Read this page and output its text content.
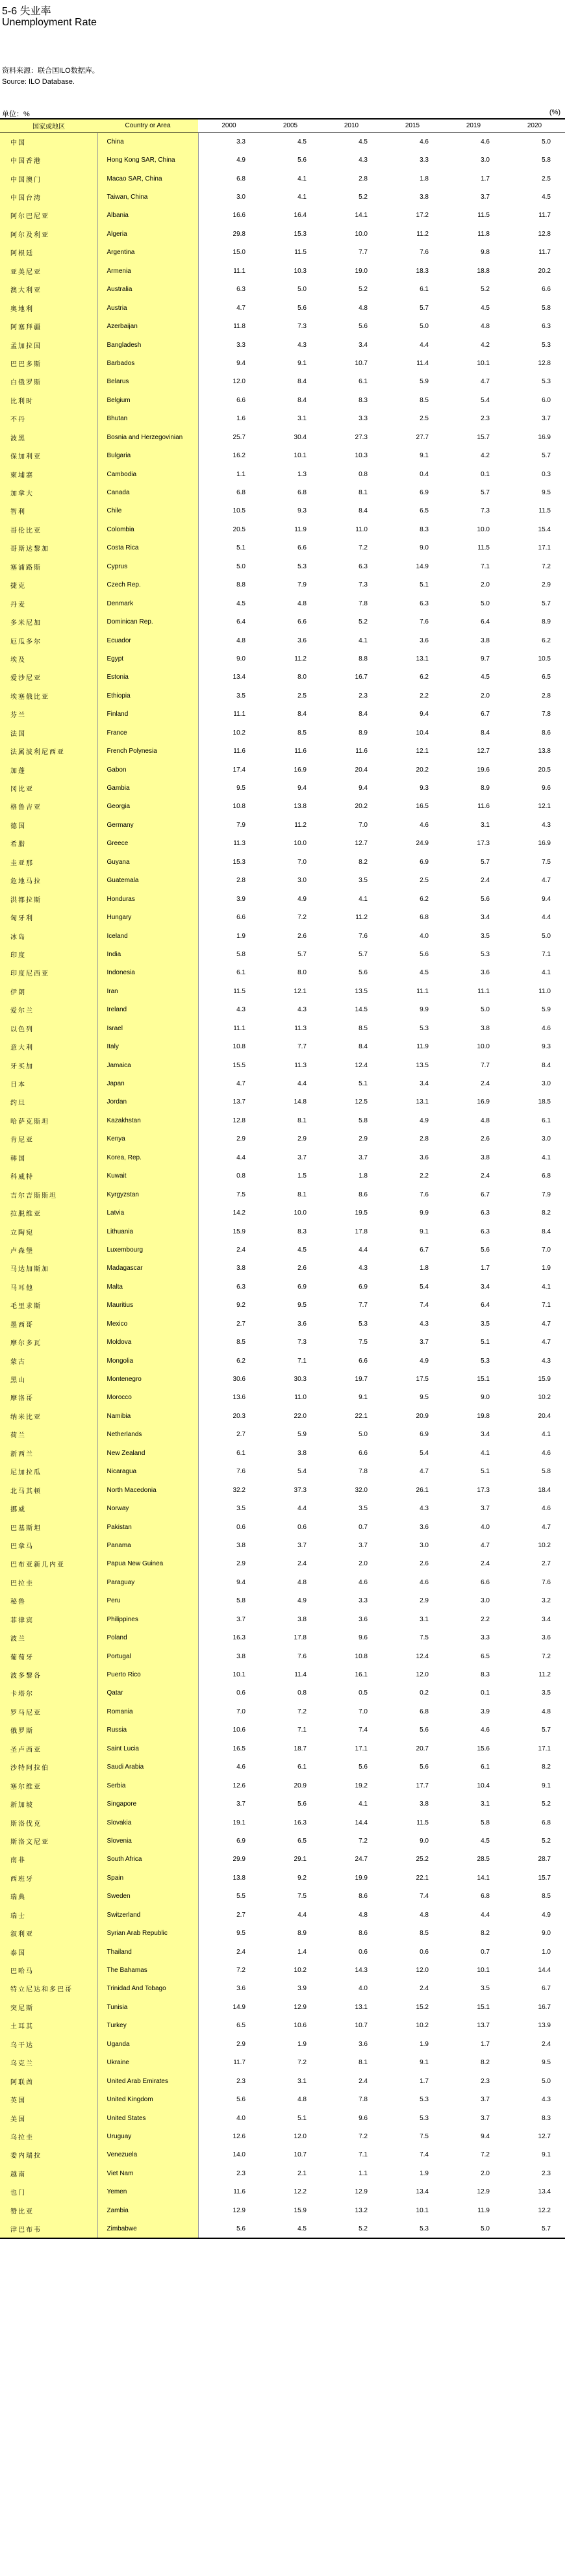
5-6 失业率
Unemployment Rate
资料来源：联合国ILO数据库。
Source: ILO Database.
单位：%	(%)
国家或地区	Country or Area	2000	2005	2010	2015	2019	2020
中国	China	3.3	4.5	4.5	4.6	4.6	5.0
中国香港	Hong Kong SAR, China	4.9	5.6	4.3	3.3	3.0	5.8
中国澳门	Macao SAR, China	6.8	4.1	2.8	1.8	1.7	2.5
中国台湾	Taiwan, China	3.0	4.1	5.2	3.8	3.7	4.5
阿尔巴尼亚	Albania	16.6	16.4	14.1	17.2	11.5	11.7
阿尔及利亚	Algeria	29.8	15.3	10.0	11.2	11.8	12.8
阿根廷	Argentina	15.0	11.5	7.7	7.6	9.8	11.7
亚美尼亚	Armenia	11.1	10.3	19.0	18.3	18.8	20.2
澳大利亚	Australia	6.3	5.0	5.2	6.1	5.2	6.6
奥地利	Austria	4.7	5.6	4.8	5.7	4.5	5.8
阿塞拜疆	Azerbaijan	11.8	7.3	5.6	5.0	4.8	6.3
孟加拉国	Bangladesh	3.3	4.3	3.4	4.4	4.2	5.3
巴巴多斯	Barbados	9.4	9.1	10.7	11.4	10.1	12.8
白俄罗斯	Belarus	12.0	8.4	6.1	5.9	4.7	5.3
比利时	Belgium	6.6	8.4	8.3	8.5	5.4	6.0
不丹	Bhutan	1.6	3.1	3.3	2.5	2.3	3.7
波黑	Bosnia and Herzegovinian	25.7	30.4	27.3	27.7	15.7	16.9
保加利亚	Bulgaria	16.2	10.1	10.3	9.1	4.2	5.7
柬埔寨	Cambodia	1.1	1.3	0.8	0.4	0.1	0.3
加拿大	Canada	6.8	6.8	8.1	6.9	5.7	9.5
智利	Chile	10.5	9.3	8.4	6.5	7.3	11.5
哥伦比亚	Colombia	20.5	11.9	11.0	8.3	10.0	15.4
哥斯达黎加	Costa Rica	5.1	6.6	7.2	9.0	11.5	17.1
塞浦路斯	Cyprus	5.0	5.3	6.3	14.9	7.1	7.2
捷克	Czech Rep.	8.8	7.9	7.3	5.1	2.0	2.9
丹麦	Denmark	4.5	4.8	7.8	6.3	5.0	5.7
多米尼加	Dominican Rep.	6.4	6.6	5.2	7.6	6.4	8.9
厄瓜多尔	Ecuador	4.8	3.6	4.1	3.6	3.8	6.2
埃及	Egypt	9.0	11.2	8.8	13.1	9.7	10.5
爱沙尼亚	Estonia	13.4	8.0	16.7	6.2	4.5	6.5
埃塞俄比亚	Ethiopia	3.5	2.5	2.3	2.2	2.0	2.8
芬兰	Finland	11.1	8.4	8.4	9.4	6.7	7.8
法国	France	10.2	8.5	8.9	10.4	8.4	8.6
法属波利尼西亚	French Polynesia	11.6	11.6	11.6	12.1	12.7	13.8
加蓬	Gabon	17.4	16.9	20.4	20.2	19.6	20.5
冈比亚	Gambia	9.5	9.4	9.4	9.3	8.9	9.6
格鲁吉亚	Georgia	10.8	13.8	20.2	16.5	11.6	12.1
德国	Germany	7.9	11.2	7.0	4.6	3.1	4.3
希腊	Greece	11.3	10.0	12.7	24.9	17.3	16.9
圭亚那	Guyana	15.3	7.0	8.2	6.9	5.7	7.5
危地马拉	Guatemala	2.8	3.0	3.5	2.5	2.4	4.7
洪都拉斯	Honduras	3.9	4.9	4.1	6.2	5.6	9.4
匈牙利	Hungary	6.6	7.2	11.2	6.8	3.4	4.4
冰岛	Iceland	1.9	2.6	7.6	4.0	3.5	5.0
印度	India	5.8	5.7	5.7	5.6	5.3	7.1
印度尼西亚	Indonesia	6.1	8.0	5.6	4.5	3.6	4.1
伊朗	Iran	11.5	12.1	13.5	11.1	11.1	11.0
爱尔兰	Ireland	4.3	4.3	14.5	9.9	5.0	5.9
以色列	Israel	11.1	11.3	8.5	5.3	3.8	4.6
意大利	Italy	10.8	7.7	8.4	11.9	10.0	9.3
牙买加	Jamaica	15.5	11.3	12.4	13.5	7.7	8.4
日本	Japan	4.7	4.4	5.1	3.4	2.4	3.0
约旦	Jordan	13.7	14.8	12.5	13.1	16.9	18.5
哈萨克斯坦	Kazakhstan	12.8	8.1	5.8	4.9	4.8	6.1
肯尼亚	Kenya	2.9	2.9	2.9	2.8	2.6	3.0
韩国	Korea, Rep.	4.4	3.7	3.7	3.6	3.8	4.1
科威特	Kuwait	0.8	1.5	1.8	2.2	2.4	6.8
吉尔吉斯斯坦	Kyrgyzstan	7.5	8.1	8.6	7.6	6.7	7.9
拉脱维亚	Latvia	14.2	10.0	19.5	9.9	6.3	8.2
立陶宛	Lithuania	15.9	8.3	17.8	9.1	6.3	8.4
卢森堡	Luxembourg	2.4	4.5	4.4	6.7	5.6	7.0
马达加斯加	Madagascar	3.8	2.6	4.3	1.8	1.7	1.9
马耳他	Malta	6.3	6.9	6.9	5.4	3.4	4.1
毛里求斯	Mauritius	9.2	9.5	7.7	7.4	6.4	7.1
墨西哥	Mexico	2.7	3.6	5.3	4.3	3.5	4.7
摩尔多瓦	Moldova	8.5	7.3	7.5	3.7	5.1	4.7
蒙古	Mongolia	6.2	7.1	6.6	4.9	5.3	4.3
黑山	Montenegro	30.6	30.3	19.7	17.5	15.1	15.9
摩洛哥	Morocco	13.6	11.0	9.1	9.5	9.0	10.2
纳米比亚	Namibia	20.3	22.0	22.1	20.9	19.8	20.4
荷兰	Netherlands	2.7	5.9	5.0	6.9	3.4	4.1
新西兰	New Zealand	6.1	3.8	6.6	5.4	4.1	4.6
尼加拉瓜	Nicaragua	7.6	5.4	7.8	4.7	5.1	5.8
北马其顿	North Macedonia	32.2	37.3	32.0	26.1	17.3	18.4
挪威	Norway	3.5	4.4	3.5	4.3	3.7	4.6
巴基斯坦	Pakistan	0.6	0.6	0.7	3.6	4.0	4.7
巴拿马	Panama	3.8	3.7	3.7	3.0	4.7	10.2
巴布亚新几内亚	Papua New Guinea	2.9	2.4	2.0	2.6	2.4	2.7
巴拉圭	Paraguay	9.4	4.8	4.6	4.6	6.6	7.6
秘鲁	Peru	5.8	4.9	3.3	2.9	3.0	3.2
菲律宾	Philippines	3.7	3.8	3.6	3.1	2.2	3.4
波兰	Poland	16.3	17.8	9.6	7.5	3.3	3.6
葡萄牙	Portugal	3.8	7.6	10.8	12.4	6.5	7.2
波多黎各	Puerto Rico	10.1	11.4	16.1	12.0	8.3	11.2
卡塔尔	Qatar	0.6	0.8	0.5	0.2	0.1	3.5
罗马尼亚	Romania	7.0	7.2	7.0	6.8	3.9	4.8
俄罗斯	Russia	10.6	7.1	7.4	5.6	4.6	5.7
圣卢西亚	Saint Lucia	16.5	18.7	17.1	20.7	15.6	17.1
沙特阿拉伯	Saudi Arabia	4.6	6.1	5.6	5.6	6.1	8.2
塞尔维亚	Serbia	12.6	20.9	19.2	17.7	10.4	9.1
新加坡	Singapore	3.7	5.6	4.1	3.8	3.1	5.2
斯洛伐克	Slovakia	19.1	16.3	14.4	11.5	5.8	6.8
斯洛文尼亚	Slovenia	6.9	6.5	7.2	9.0	4.5	5.2
南非	South Africa	29.9	29.1	24.7	25.2	28.5	28.7
西班牙	Spain	13.8	9.2	19.9	22.1	14.1	15.7
瑞典	Sweden	5.5	7.5	8.6	7.4	6.8	8.5
瑞士	Switzerland	2.7	4.4	4.8	4.8	4.4	4.9
叙利亚	Syrian Arab Republic	9.5	8.9	8.6	8.5	8.2	9.0
泰国	Thailand	2.4	1.4	0.6	0.6	0.7	1.0
巴哈马	The Bahamas	7.2	10.2	14.3	12.0	10.1	14.4
特立尼达和多巴哥	Trinidad And Tobago	3.6	3.9	4.0	2.4	3.5	6.7
突尼斯	Tunisia	14.9	12.9	13.1	15.2	15.1	16.7
土耳其	Turkey	6.5	10.6	10.7	10.2	13.7	13.9
乌干达	Uganda	2.9	1.9	3.6	1.9	1.7	2.4
乌克兰	Ukraine	11.7	7.2	8.1	9.1	8.2	9.5
阿联酋	United Arab Emirates	2.3	3.1	2.4	1.7	2.3	5.0
英国	United Kingdom	5.6	4.8	7.8	5.3	3.7	4.3
美国	United States	4.0	5.1	9.6	5.3	3.7	8.3
乌拉圭	Uruguay	12.6	12.0	7.2	7.5	9.4	12.7
委内瑞拉	Venezuela	14.0	10.7	7.1	7.4	7.2	9.1
越南	Viet Nam	2.3	2.1	1.1	1.9	2.0	2.3
也门	Yemen	11.6	12.2	12.9	13.4	12.9	13.4
赞比亚	Zambia	12.9	15.9	13.2	10.1	11.9	12.2
津巴布韦	Zimbabwe	5.6	4.5	5.2	5.3	5.0	5.7
